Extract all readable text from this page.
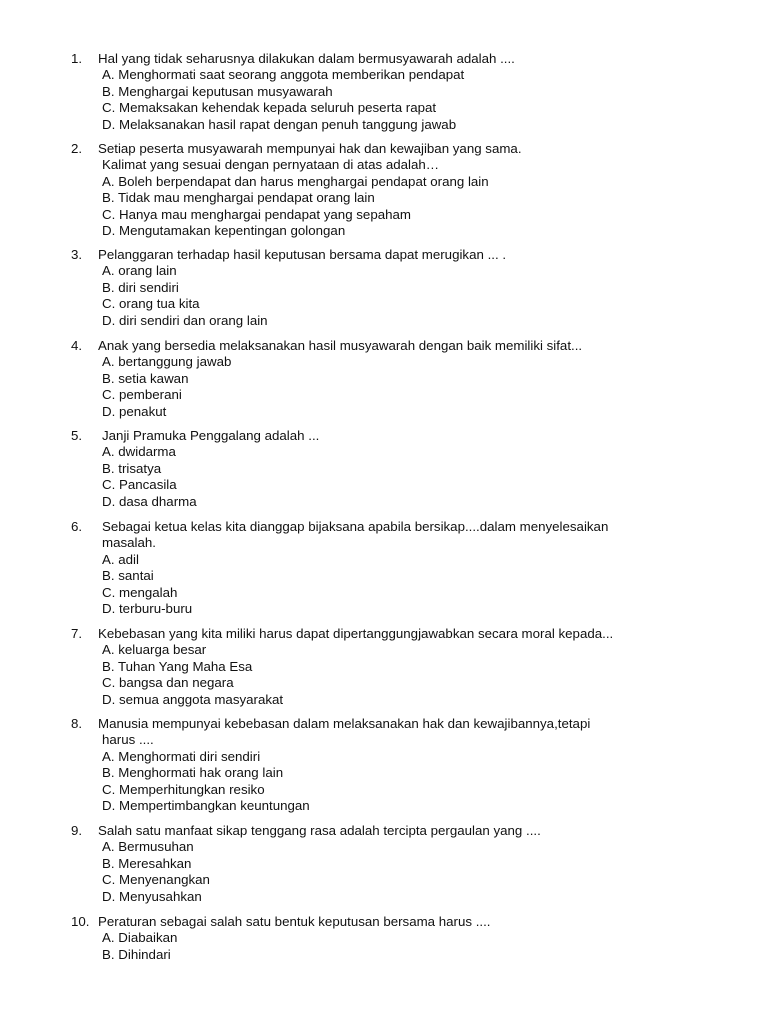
1. Hal yang tidak seharusnya dilakukan dalam bermusyawarah adalah ....
A. Menghormati saat seorang anggota memberikan pendapat
B. Menghargai keputusan musyawarah
C. Memaksakan kehendak kepada seluruh peserta rapat
D. Melaksanakan hasil rapat dengan penuh tanggung jawab
2. Setiap peserta musyawarah mempunyai hak dan kewajiban yang sama.
Kalimat yang sesuai dengan pernyataan di atas adalah…
A. Boleh berpendapat dan harus menghargai pendapat orang lain
B. Tidak mau menghargai pendapat orang lain
C. Hanya mau menghargai pendapat yang sepaham
D. Mengutamakan kepentingan golongan
3. Pelanggaran terhadap hasil keputusan bersama dapat merugikan ... .
A. orang lain
B. diri sendiri
C. orang tua kita
D. diri sendiri dan orang lain
4. Anak yang bersedia melaksanakan hasil musyawarah dengan baik memiliki sifat...
A. bertanggung jawab
B. setia kawan
C. pemberani
D. penakut
5. Janji Pramuka Penggalang adalah ...
A. dwidarma
B. trisatya
C. Pancasila
D. dasa dharma
6. Sebagai ketua kelas kita dianggap bijaksana apabila bersikap....dalam menyelesaikan
masalah.
A. adil
B. santai
C. mengalah
D. terburu-buru
7. Kebebasan yang kita miliki harus dapat dipertanggungjawabkan secara moral kepada...
A. keluarga besar
B. Tuhan Yang Maha Esa
C. bangsa dan negara
D. semua anggota masyarakat
8. Manusia mempunyai kebebasan dalam melaksanakan hak dan kewajibannya,tetapi
harus ....
A. Menghormati diri sendiri
B. Menghormati hak orang lain
C. Memperhitungkan resiko
D. Mempertimbangkan keuntungan
9. Salah satu manfaat sikap tenggang rasa adalah tercipta pergaulan yang ....
A. Bermusuhan
B. Meresahkan
C. Menyenangkan
D. Menyusahkan
10. Peraturan sebagai salah satu bentuk keputusan bersama harus ....
A. Diabaikan
B. Dihindari
